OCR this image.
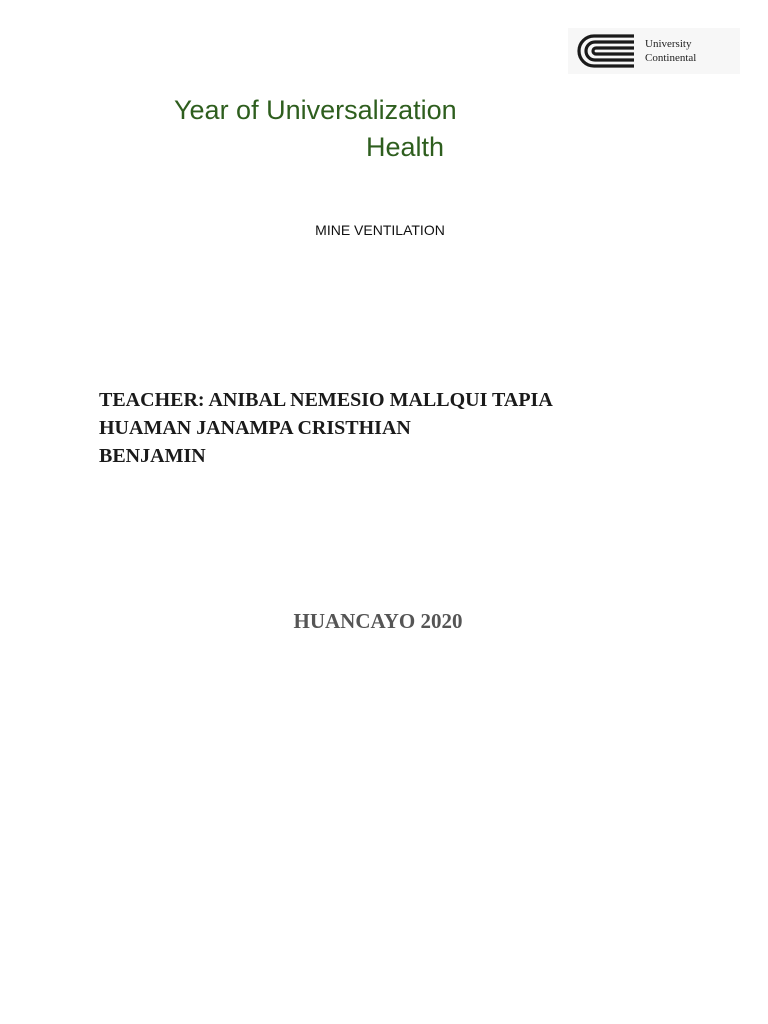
University
Continental
Year of Universalization
Health
MINE VENTILATION
TEACHER: ANIBAL NEMESIO MALLQUI TAPIA
HUAMAN JANAMPA CRISTHIAN
BENJAMIN
HUANCAYO 2020
